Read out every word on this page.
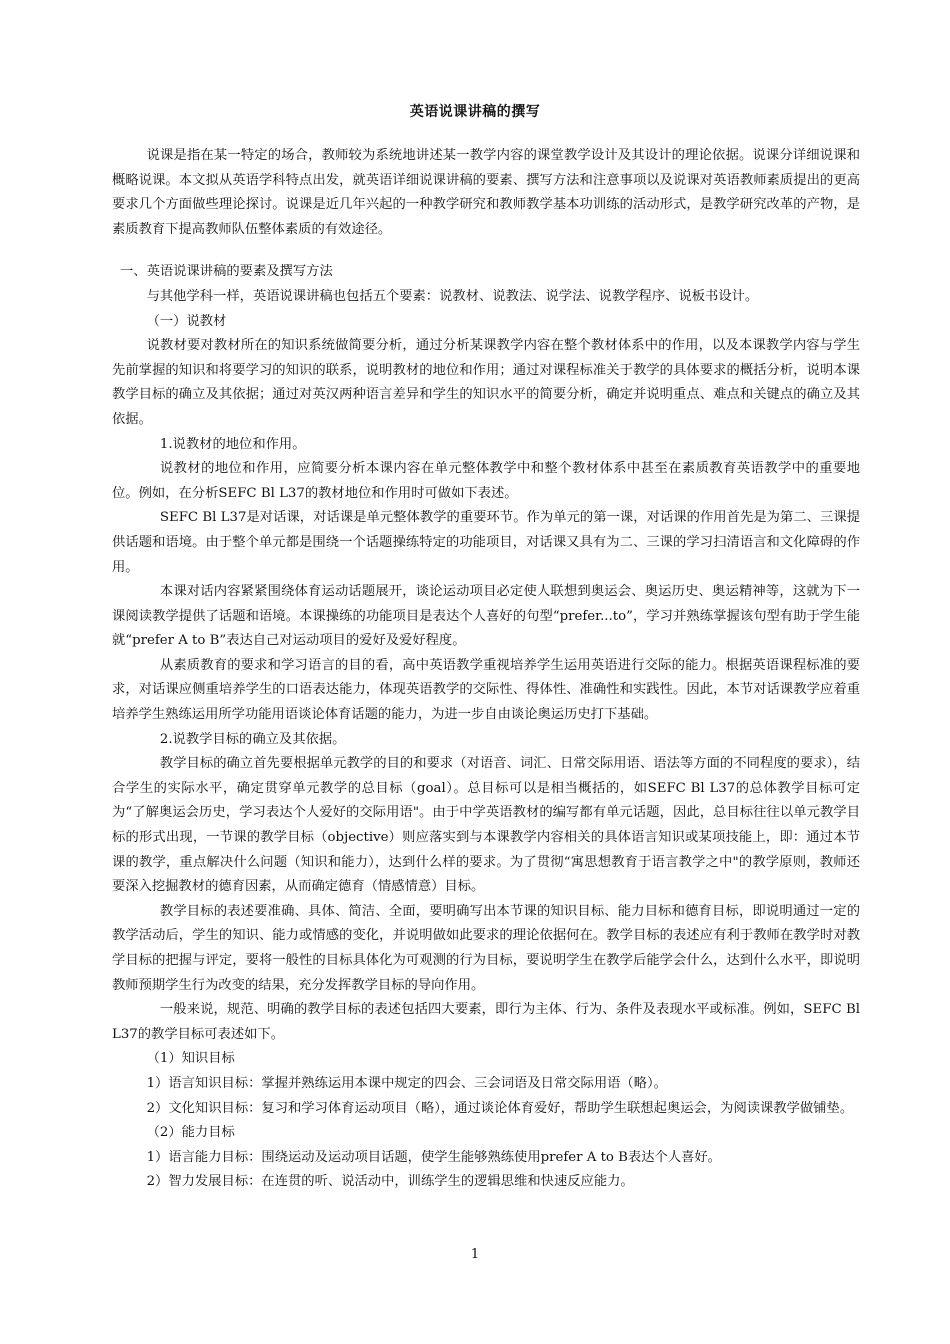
英语说课讲稿的撰写

说课是指在某一特定的场合，教师较为系统地讲述某一教学内容的课堂教学设计及其设计的理论依据。说课分详细说课和概略说课。本文拟从英语学科特点出发，就英语详细说课讲稿的要素、撰写方法和注意事项以及说课对英语教师素质提出的更高要求几个方面做些理论探讨。说课是近几年兴起的一种教学研究和教师教学基本功训练的活动形式，是教学研究改革的产物，是素质教育下提高教师队伍整体素质的有效途径。

一、英语说课讲稿的要素及撰写方法

与其他学科一样，英语说课讲稿也包括五个要素：说教材、说教法、说学法、说教学程序、说板书设计。

（一）说教材

说教材要对教材所在的知识系统做简要分析，通过分析某课教学内容在整个教材体系中的作用，以及本课教学内容与学生先前掌握的知识和将要学习的知识的联系，说明教材的地位和作用；通过对课程标准关于教学的具体要求的概括分析，说明本课教学目标的确立及其依据；通过对英汉两种语言差异和学生的知识水平的简要分析，确定并说明重点、难点和关键点的确立及其依据。

1.说教材的地位和作用。

说教材的地位和作用，应简要分析本课内容在单元整体教学中和整个教材体系中甚至在素质教育英语教学中的重要地位。例如，在分析SEFC Bl L37的教材地位和作用时可做如下表述。

SEFC Bl L37是对话课，对话课是单元整体教学的重要环节。作为单元的第一课，对话课的作用首先是为第二、三课提供话题和语境。由于整个单元都是围绕一个话题操练特定的功能项目，对话课又具有为二、三课的学习扫清语言和文化障碍的作用。

本课对话内容紧紧围绕体育运动话题展开，谈论运动项目必定使人联想到奥运会、奥运历史、奥运精神等，这就为下一课阅读教学提供了话题和语境。本课操练的功能项目是表达个人喜好的句型“prefer...to”，学习并熟练掌握该句型有助于学生能就“prefer A to B”表达自己对运动项目的爱好及爱好程度。

从素质教育的要求和学习语言的目的看，高中英语教学重视培养学生运用英语进行交际的能力。根据英语课程标准的要求，对话课应侧重培养学生的口语表达能力，体现英语教学的交际性、得体性、准确性和实践性。因此，本节对话课教学应着重培养学生熟练运用所学功能用语谈论体育话题的能力，为进一步自由谈论奥运历史打下基础。

2.说教学目标的确立及其依据。

教学目标的确立首先要根据单元教学的目的和要求（对语音、词汇、日常交际用语、语法等方面的不同程度的要求），结合学生的实际水平，确定贯穿单元教学的总目标（goal）。总目标可以是相当概括的，如SEFC Bl L37的总体教学目标可定为“了解奥运会历史，学习表达个人爱好的交际用语"。由于中学英语教材的编写都有单元话题，因此，总目标往往以单元教学目标的形式出现，一节课的教学目标（objective）则应落实到与本课教学内容相关的具体语言知识或某项技能上，即：通过本节课的教学，重点解决什么问题（知识和能力），达到什么样的要求。为了贯彻“寓思想教育于语言教学之中"的教学原则，教师还要深入挖掘教材的德育因素，从而确定德育（情感情意）目标。

教学目标的表述要准确、具体、简洁、全面，要明确写出本节课的知识目标、能力目标和德育目标，即说明通过一定的教学活动后，学生的知识、能力或情感的变化，并说明做如此要求的理论依据何在。教学目标的表述应有利于教师在教学时对教学目标的把握与评定，要将一般性的目标具体化为可观测的行为目标，要说明学生在教学后能学会什么，达到什么水平，即说明教师预期学生行为改变的结果，充分发挥教学目标的导向作用。

一般来说，规范、明确的教学目标的表述包括四大要素，即行为主体、行为、条件及表现水平或标准。例如，SEFC Bl L37的教学目标可表述如下。

（1）知识目标

1）语言知识目标：掌握并熟练运用本课中规定的四会、三会词语及日常交际用语（略）。

2）文化知识目标：复习和学习体育运动项目（略），通过谈论体育爱好，帮助学生联想起奥运会，为阅读课教学做铺垫。

（2）能力目标

1）语言能力目标：围绕运动及运动项目话题，使学生能够熟练使用prefer A to B表达个人喜好。

2）智力发展目标：在连贯的听、说活动中，训练学生的逻辑思维和快速反应能力。

1
